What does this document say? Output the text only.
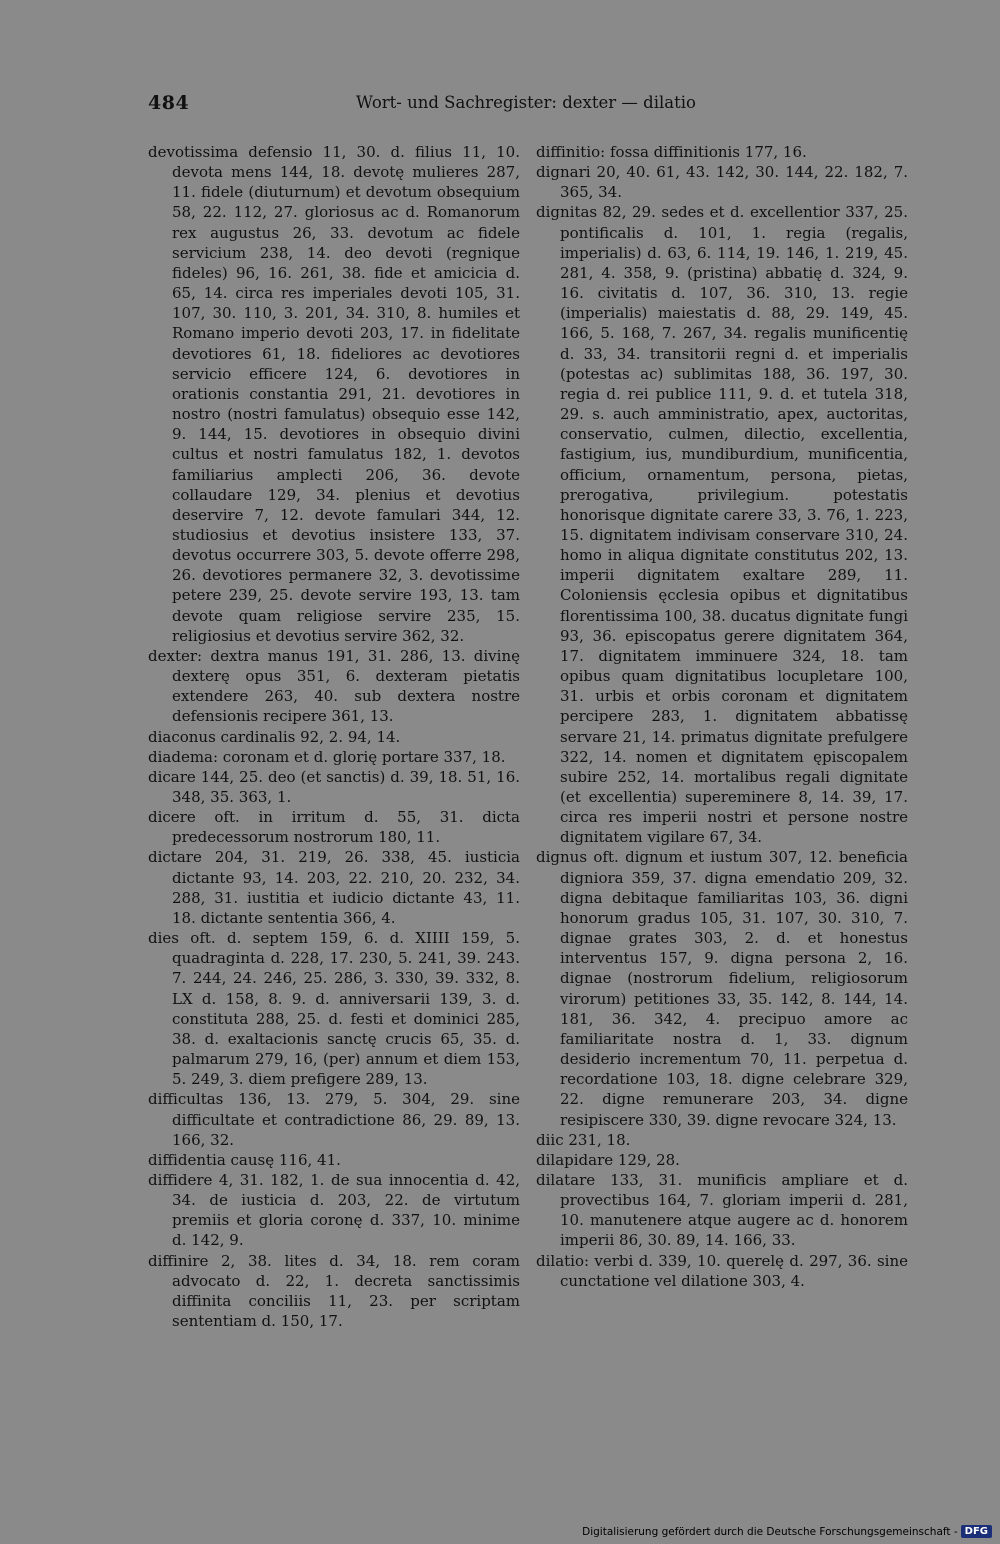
484	Wort- und Sachregister: dexter — dilatio
devotissima defensio 11, 30. d. filius 11, 10. devota mens 144, 18. devotę mulieres 287, 11. fidele (diuturnum) et devotum obsequium 58, 22. 112, 27. gloriosus ac d. Romanorum rex augustus 26, 33. devotum ac fidele servicium 238, 14. deo devoti (regnique fideles) 96, 16. 261, 38. fide et amicicia d. 65, 14. circa res imperiales devoti 105, 31. 107, 30. 110, 3. 201, 34. 310, 8. humiles et Romano imperio devoti 203, 17. in fidelitate devotiores 61, 18. fideliores ac devotiores servicio efficere 124, 6. devotiores in orationis constantia 291, 21. devotiores in nostro (nostri famulatus) obsequio esse 142, 9. 144, 15. devotiores in obsequio divini cultus et nostri famulatus 182, 1. devotos familiarius amplecti 206, 36. devote collaudare 129, 34. plenius et devotius deservire 7, 12. devote famulari 344, 12. studiosius et devotius insistere 133, 37. devotus occurrere 303, 5. devote offerre 298, 26. devotiores permanere 32, 3. devotissime petere 239, 25. devote servire 193, 13. tam devote quam religiose servire 235, 15. religiosius et devotius servire 362, 32.
dexter: dextra manus 191, 31. 286, 13. divinę dexterę opus 351, 6. dexteram pietatis extendere 263, 40. sub dextera nostre defensionis recipere 361, 13.
diaconus cardinalis 92, 2. 94, 14.
diadema: coronam et d. glorię portare 337, 18.
dicare 144, 25. deo (et sanctis) d. 39, 18. 51, 16. 348, 35. 363, 1.
dicere oft. in irritum d. 55, 31. dicta predecessorum nostrorum 180, 11.
dictare 204, 31. 219, 26. 338, 45. iusticia dictante 93, 14. 203, 22. 210, 20. 232, 34. 288, 31. iustitia et iudicio dictante 43, 11. 18. dictante sententia 366, 4.
dies oft. d. septem 159, 6. d. XIIII 159, 5. quadraginta d. 228, 17. 230, 5. 241, 39. 243. 7. 244, 24. 246, 25. 286, 3. 330, 39. 332, 8. LX d. 158, 8. 9. d. anniversarii 139, 3. d. constituta 288, 25. d. festi et dominici 285, 38. d. exaltacionis sanctę crucis 65, 35. d. palmarum 279, 16, (per) annum et diem 153, 5. 249, 3. diem prefigere 289, 13.
difficultas 136, 13. 279, 5. 304, 29. sine difficultate et contradictione 86, 29. 89, 13. 166, 32.
diffidentia causę 116, 41.
diffidere 4, 31. 182, 1. de sua innocentia d. 42, 34. de iusticia d. 203, 22. de virtutum premiis et gloria coronę d. 337, 10. minime d. 142, 9.
diffinire 2, 38. lites d. 34, 18. rem coram advocato d. 22, 1. decreta sanctissimis diffinita conciliis 11, 23. per scriptam sententiam d. 150, 17.
diffinitio: fossa diffinitionis 177, 16.
dignari 20, 40. 61, 43. 142, 30. 144, 22. 182, 7. 365, 34.
dignitas 82, 29. sedes et d. excellentior 337, 25. pontificalis d. 101, 1. regia (regalis, imperialis) d. 63, 6. 114, 19. 146, 1. 219, 45. 281, 4. 358, 9. (pristina) abbatię d. 324, 9. 16. civitatis d. 107, 36. 310, 13. regie (imperialis) maiestatis d. 88, 29. 149, 45. 166, 5. 168, 7. 267, 34. regalis munificentię d. 33, 34. transitorii regni d. et imperialis (potestas ac) sublimitas 188, 36. 197, 30. regia d. rei publice 111, 9. d. et tutela 318, 29. s. auch amministratio, apex, auctoritas, conservatio, culmen, dilectio, excellentia, fastigium, ius, mundiburdium, munificentia, officium, ornamentum, persona, pietas, prerogativa, privilegium. potestatis honorisque dignitate carere 33, 3. 76, 1. 223, 15. dignitatem indivisam conservare 310, 24. homo in aliqua dignitate constitutus 202, 13. imperii dignitatem exaltare 289, 11. Coloniensis ęcclesia opibus et dignitatibus florentissima 100, 38. ducatus dignitate fungi 93, 36. episcopatus gerere dignitatem 364, 17. dignitatem imminuere 324, 18. tam opibus quam dignitatibus locupletare 100, 31. urbis et orbis coronam et dignitatem percipere 283, 1. dignitatem abbatissę servare 21, 14. primatus dignitate prefulgere 322, 14. nomen et dignitatem ępiscopalem subire 252, 14. mortalibus regali dignitate (et excellentia) supereminere 8, 14. 39, 17. circa res imperii nostri et persone nostre dignitatem vigilare 67, 34.
dignus oft. dignum et iustum 307, 12. beneficia digniora 359, 37. digna emendatio 209, 32. digna debitaque familiaritas 103, 36. digni honorum gradus 105, 31. 107, 30. 310, 7. dignae grates 303, 2. d. et honestus interventus 157, 9. digna persona 2, 16. dignae (nostrorum fidelium, religiosorum virorum) petitiones 33, 35. 142, 8. 144, 14. 181, 36. 342, 4. precipuo amore ac familiaritate nostra d. 1, 33. dignum desiderio incrementum 70, 11. perpetua d. recordatione 103, 18. digne celebrare 329, 22. digne remunerare 203, 34. digne resipiscere 330, 39. digne revocare 324, 13.
diic 231, 18.
dilapidare 129, 28.
dilatare 133, 31. munificis ampliare et d. provectibus 164, 7. gloriam imperii d. 281, 10. manutenere atque augere ac d. honorem imperii 86, 30. 89, 14. 166, 33.
dilatio: verbi d. 339, 10. querelę d. 297, 36. sine cunctatione vel dilatione 303, 4.
Digitalisierung gefördert durch die Deutsche Forschungsgemeinschaft - DFG
